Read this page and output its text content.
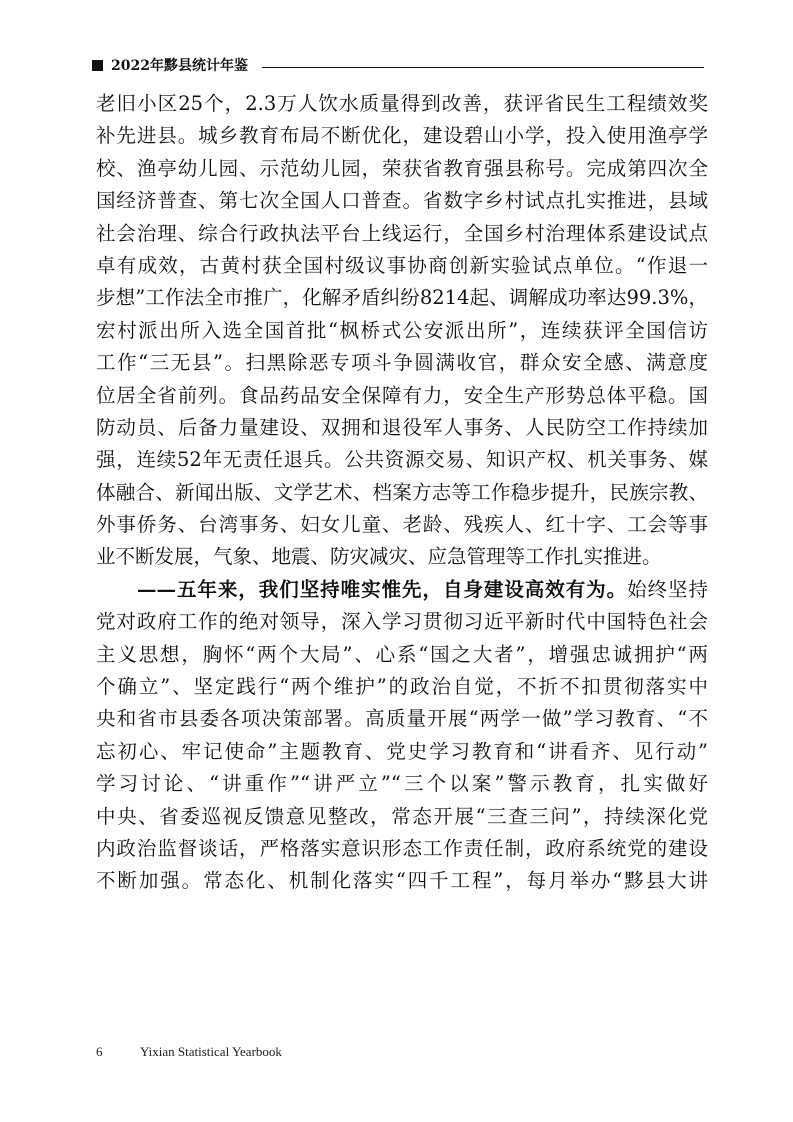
2022年黟县统计年鉴
老旧小区25个，2.3万人饮水质量得到改善，获评省民生工程绩效奖
补先进县。城乡教育布局不断优化，建设碧山小学，投入使用渔亭学
校、渔亭幼儿园、示范幼儿园，荣获省教育强县称号。完成第四次全
国经济普查、第七次全国人口普查。省数字乡村试点扎实推进，县域
社会治理、综合行政执法平台上线运行，全国乡村治理体系建设试点
卓有成效，古黄村获全国村级议事协商创新实验试点单位。“作退一
步想”工作法全市推广，化解矛盾纠纷8214起、调解成功率达99.3%，
宏村派出所入选全国首批“枫桥式公安派出所”，连续获评全国信访
工作“三无县”。扫黑除恶专项斗争圆满收官，群众安全感、满意度
位居全省前列。食品药品安全保障有力，安全生产形势总体平稳。国
防动员、后备力量建设、双拥和退役军人事务、人民防空工作持续加
强，连续52年无责任退兵。公共资源交易、知识产权、机关事务、媒
体融合、新闻出版、文学艺术、档案方志等工作稳步提升，民族宗教、
外事侨务、台湾事务、妇女儿童、老龄、残疾人、红十字、工会等事
业不断发展，气象、地震、防灾减灾、应急管理等工作扎实推进。
——五年来，我们坚持唯实惟先，自身建设高效有为。始终坚持
党对政府工作的绝对领导，深入学习贯彻习近平新时代中国特色社会
主义思想，胸怀“两个大局”、心系“国之大者”，增强忠诚拥护“两
个确立”、坚定践行“两个维护”的政治自觉，不折不扣贯彻落实中
央和省市县委各项决策部署。高质量开展“两学一做”学习教育、“不
忘初心、牢记使命”主题教育、党史学习教育和“讲看齐、见行动”
学习讨论、“讲重作”“讲严立”“三个以案”警示教育，扎实做好
中央、省委巡视反馈意见整改，常态开展“三查三问”，持续深化党
内政治监督谈话，严格落实意识形态工作责任制，政府系统党的建设
不断加强。常态化、机制化落实“四千工程”，每月举办“黟县大讲
6	Yixian Statistical Yearbook
